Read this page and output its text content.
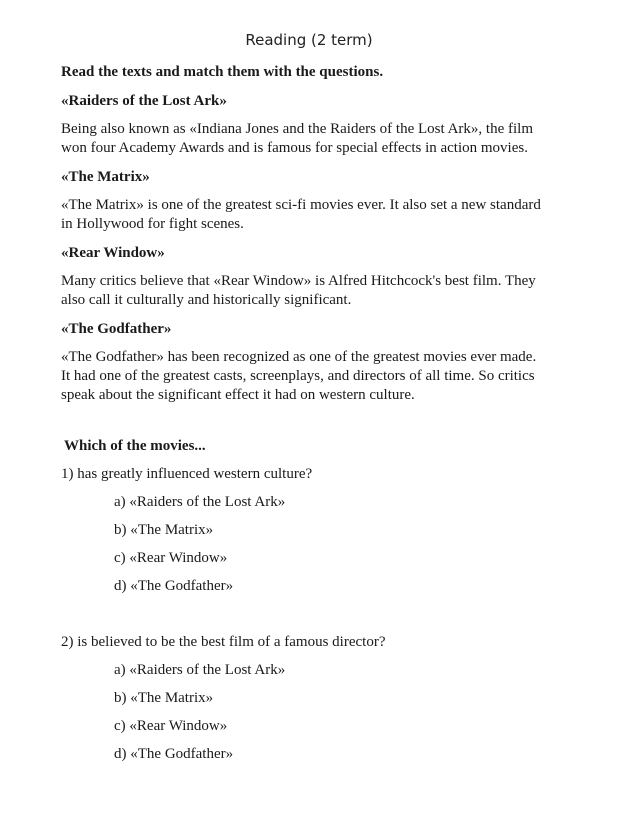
Reading (2 term)

Read the texts and match them with the questions.

«Raiders of the Lost Ark»

Being also known as «Indiana Jones and the Raiders of the Lost Ark», the film

won four Academy Awards and is famous for special effects in action movies.

«The Matrix»

«The Matrix» is one of the greatest sci-fi movies ever. It also set a new standard

in Hollywood for fight scenes.

«Rear Window»

Many critics believe that «Rear Window» is Alfred Hitchcock's best film. They

also call it culturally and historically significant.

«The Godfather»

«The Godfather» has been recognized as one of the greatest movies ever made.

It had one of the greatest casts, screenplays, and directors of all time. So critics

speak about the significant effect it had on western culture.

Which of the movies...

1) has greatly influenced western culture?

a) «Raiders of the Lost Ark»
b) «The Matrix»
c) «Rear Window»
d) «The Godfather»

2) is believed to be the best film of a famous director?

a) «Raiders of the Lost Ark»
b) «The Matrix»
c) «Rear Window»
d) «The Godfather»
